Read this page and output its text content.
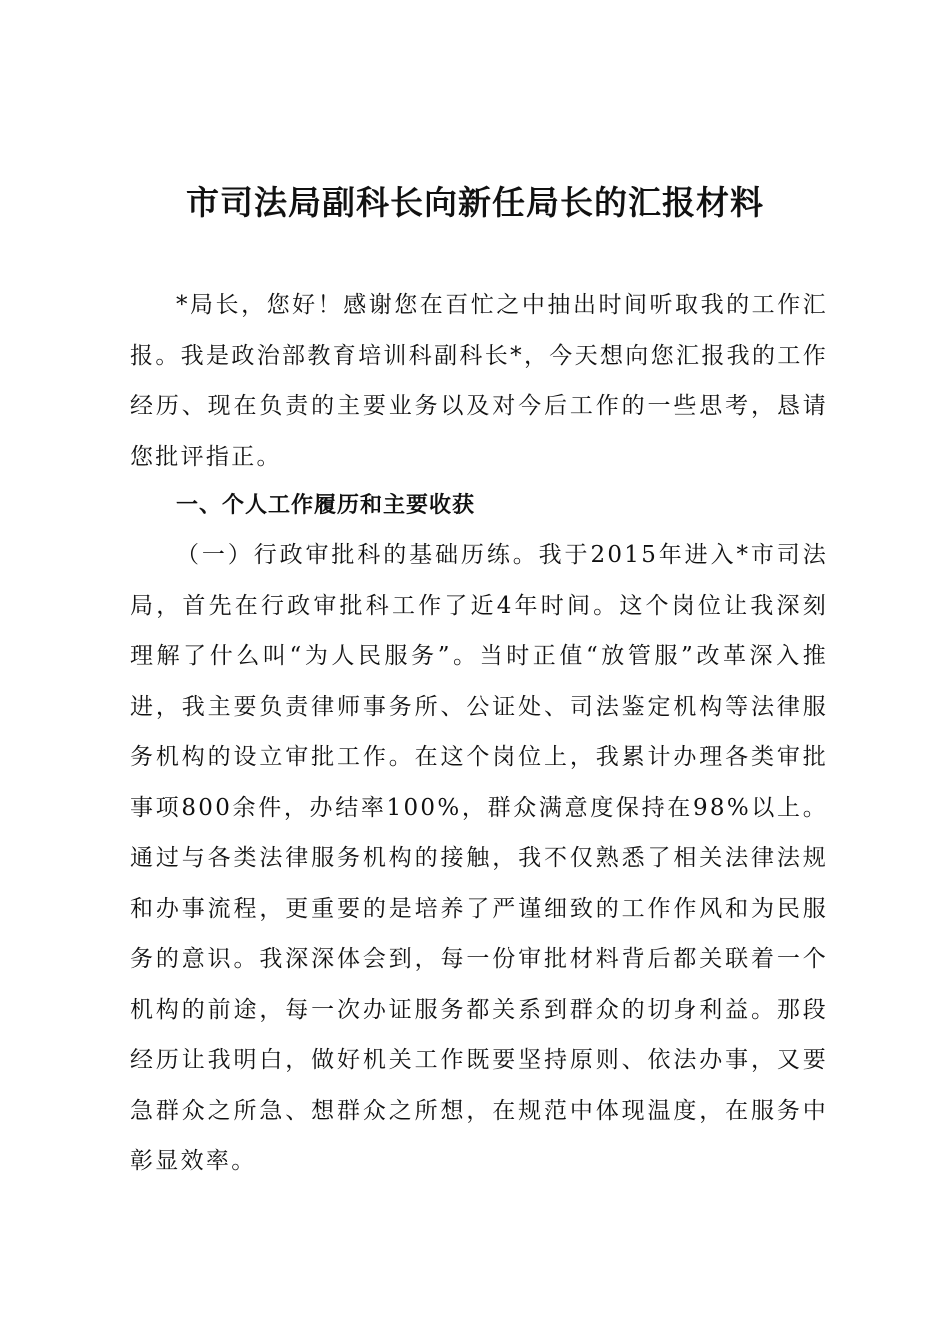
市司法局副科长向新任局长的汇报材料

*局长，您好！感谢您在百忙之中抽出时间听取我的工作汇报。我是政治部教育培训科副科长*，今天想向您汇报我的工作经历、现在负责的主要业务以及对今后工作的一些思考，恳请您批评指正。

一、个人工作履历和主要收获

（一）行政审批科的基础历练。我于2015年进入*市司法局，首先在行政审批科工作了近4年时间。这个岗位让我深刻理解了什么叫“为人民服务”。当时正值“放管服”改革深入推进，我主要负责律师事务所、公证处、司法鉴定机构等法律服务机构的设立审批工作。在这个岗位上，我累计办理各类审批事项800余件，办结率100%，群众满意度保持在98%以上。通过与各类法律服务机构的接触，我不仅熟悉了相关法律法规和办事流程，更重要的是培养了严谨细致的工作作风和为民服务的意识。我深深体会到，每一份审批材料背后都关联着一个机构的前途，每一次办证服务都关系到群众的切身利益。那段经历让我明白，做好机关工作既要坚持原则、依法办事，又要急群众之所急、想群众之所想，在规范中体现温度，在服务中彰显效率。
